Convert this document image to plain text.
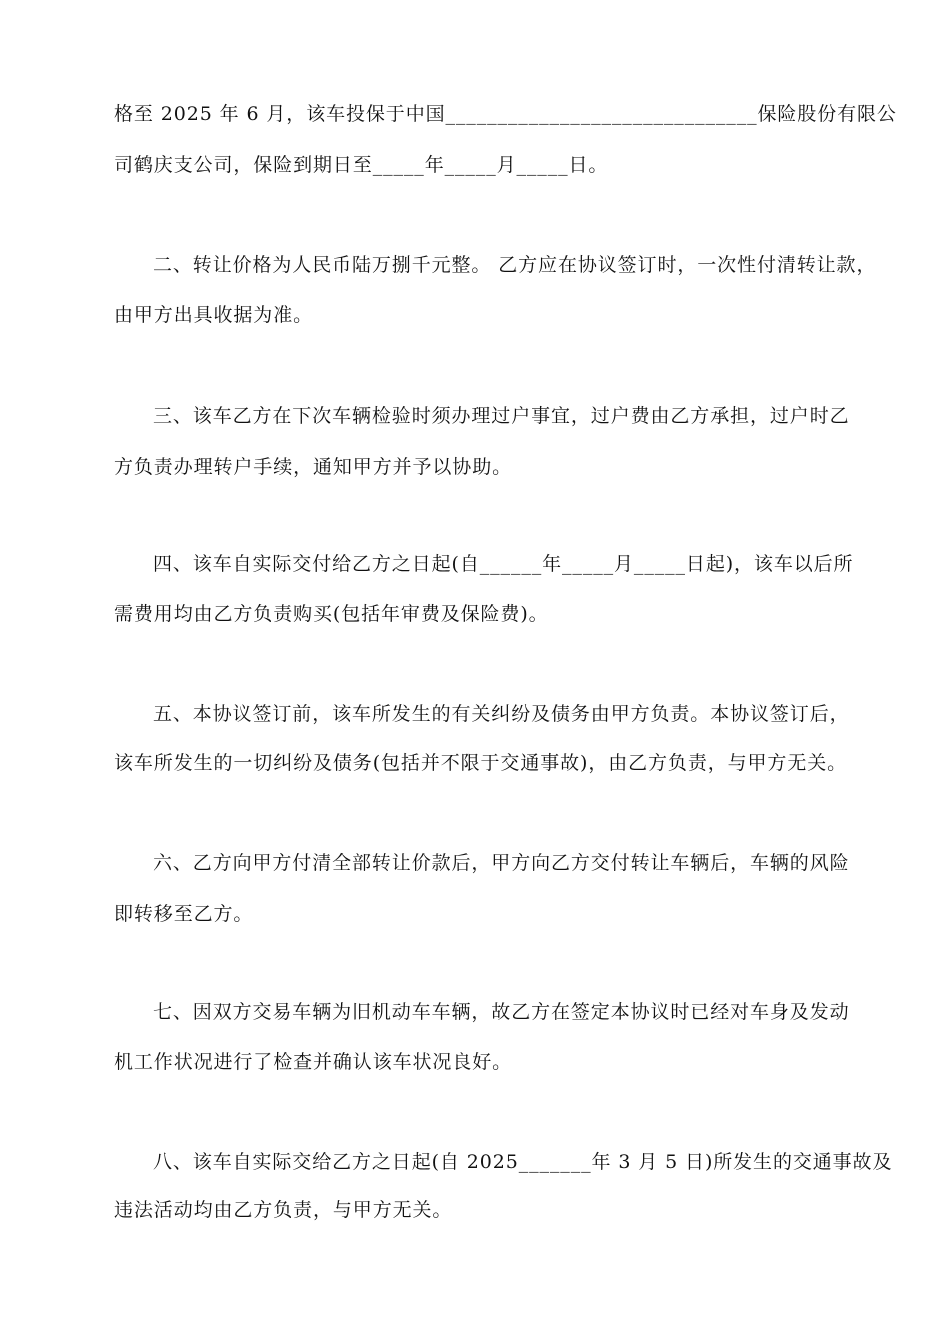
格至 2025 年 6 月，该车投保于中国______________________________保险股份有限公
司鹤庆支公司，保险到期日至_____年_____月_____日。
二、转让价格为人民币陆万捌千元整。 乙方应在协议签订时，一次性付清转让款，
由甲方出具收据为准。
三、该车乙方在下次车辆检验时须办理过户事宜，过户费由乙方承担，过户时乙
方负责办理转户手续，通知甲方并予以协助。
四、该车自实际交付给乙方之日起(自______年_____月_____日起)，该车以后所
需费用均由乙方负责购买(包括年审费及保险费)。
五、本协议签订前，该车所发生的有关纠纷及债务由甲方负责。本协议签订后，
该车所发生的一切纠纷及债务(包括并不限于交通事故)，由乙方负责，与甲方无关。
六、乙方向甲方付清全部转让价款后，甲方向乙方交付转让车辆后，车辆的风险
即转移至乙方。
七、因双方交易车辆为旧机动车车辆，故乙方在签定本协议时已经对车身及发动
机工作状况进行了检查并确认该车状况良好。
八、该车自实际交给乙方之日起(自 2025_______年 3 月 5 日)所发生的交通事故及
违法活动均由乙方负责，与甲方无关。
